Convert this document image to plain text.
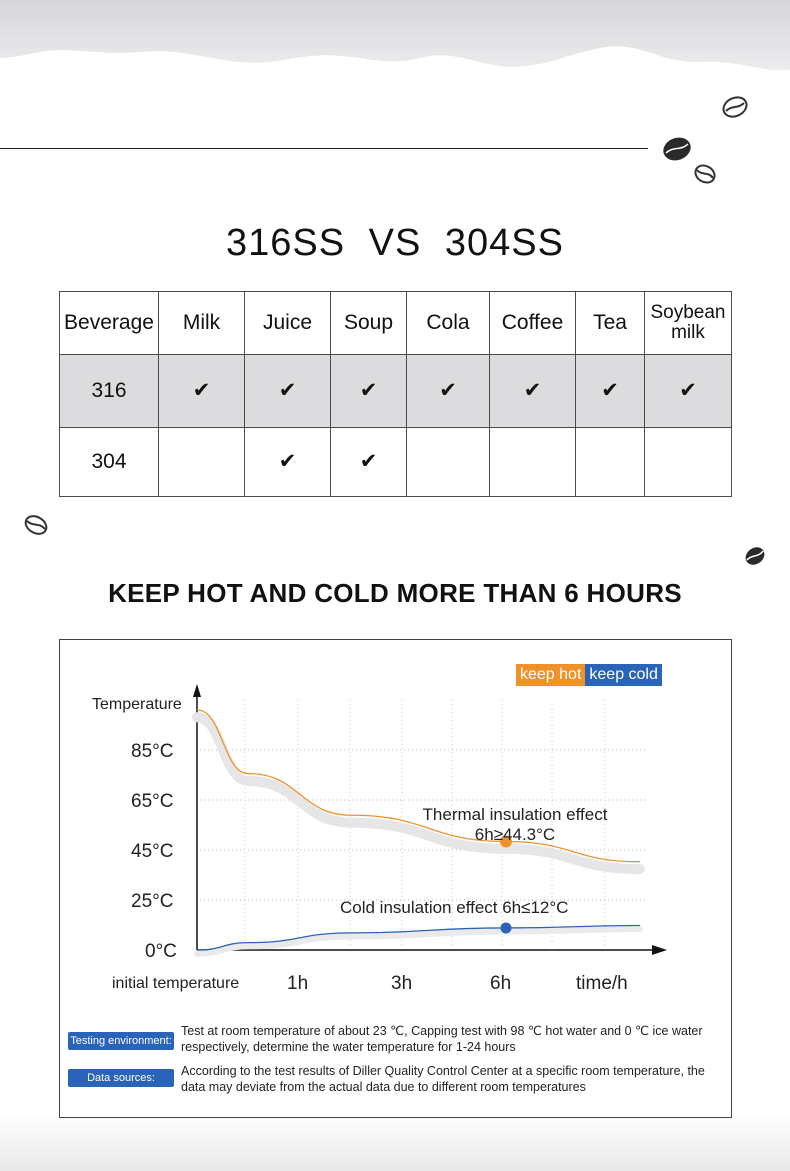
316SS VS 304SS
Beverage	Milk	Juice	Soup	Cola	Coffee	Tea	Soybean milk
316	✔	✔	✔	✔	✔	✔	✔
304		✔	✔				
KEEP HOT AND COLD MORE THAN 6 HOURS
keep hot keep cold
Temperature
85°C
65°C
45°C
25°C
0°C
initial temperature	1h	3h	6h	time/h
Thermal insulation effect
6h≥44.3°C
Cold insulation effect 6h≤12°C
Testing environment:
Test at room temperature of about 23 ℃, Capping test with 98 ℃ hot water and 0 ℃ ice water respectively, determine the water temperature for 1-24 hours
Data sources:	According to the test results of Diller Quality Control Center at a specific room temperature, the data may deviate from the actual data due to different room temperatures
